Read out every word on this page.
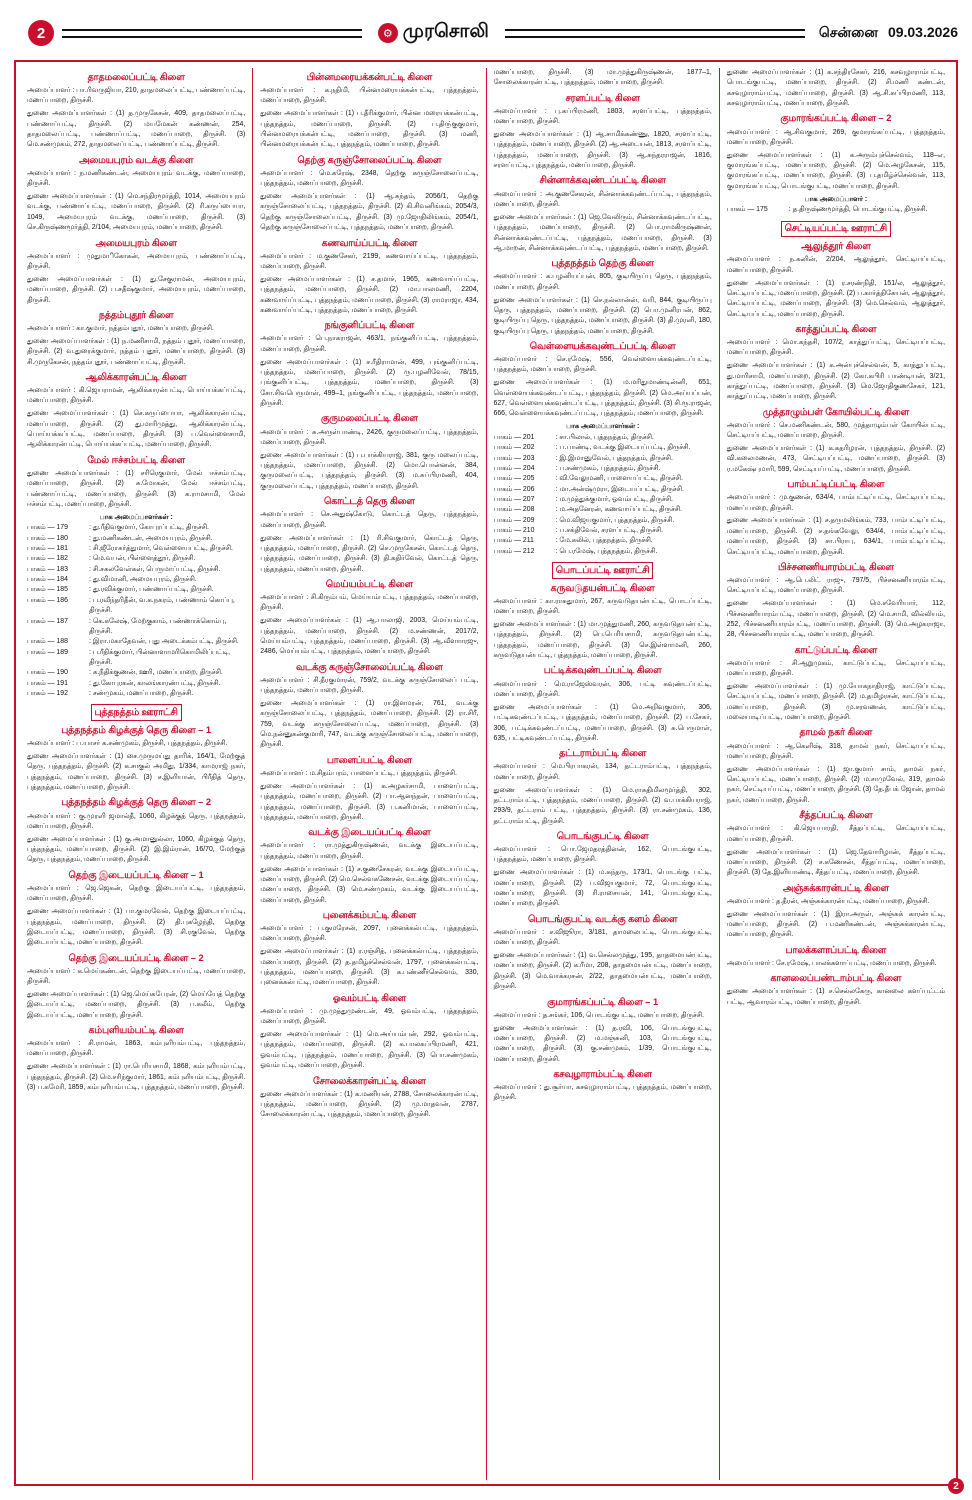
2	⚙ முரசொலி	சென்னை 09.03.2026
தாதமலைப்பட்டி கிளை
அமைப்பாளர் : பா.ரிவருஜியா, 210, தாதமலைப்பட்டி, பண்ணாப்பட்டி, மணப்பாறை, திருச்சி.
துணை அமைப்பாளர்கள் : (1) த.முருகேசன், 409, தாதமலைப்பட்டி, பண்ணாப்பட்டி, திருச்சி. (2) மயமேகன் கண்ணன், 254, தாதமலைப்பட்டி, பண்ணாப்பட்டி, மணப்பாறை, திருச்சி. (3) மெ.சண்முகம், 272, தாதமலைப்பட்டி, பண்ணாப்பட்டி, திருச்சி.
அமையபுரம் வடக்கு கிளை
அமைப்பாளர் : ந.மணிகண்டன், அமையபுரம் வடக்கு, மணப்பாறை, திருச்சி.
துணை அமைப்பாளர்கள் : (1) மெ.சந்திரமூர்த்தி, 1014, அமையபுரம் வடக்கு, பண்ணாப்பட்டி, மணப்பாறை, திருச்சி. (2) ரி.கருப்பையா, 1049, அமையபுரம் வடக்கு, மணப்பாறை, திருச்சி. (3) செ.கிருஷ்ணமூர்த்தி, 2/104, அமையபுரம், மணப்பாறை, திருச்சி.
அமையபுரம் கிளை
அமைப்பாளர் : முதுமாிகோகன், அமையபுரம், பண்ணாப்பட்டி, திருச்சி.
துணை அமைப்பாளர்கள் : (1) து.சேகுராமன், அமையபுரம், மணப்பாறை, திருச்சி. (2) ப.சதீஷ்குமார், அமையபுரம், மணப்பாறை, திருச்சி.
நத்தம்புதூர் கிளை
அமைப்பாளர் : கா.குமார், நத்தம்புதூர், மணப்பாறை, திருச்சி.
துணை அமைப்பாளர்கள் : (1) ந.மணிசாமி, நத்தம் புதூர், மணப்பாறை, திருச்சி. (2) வ.துரைக்குமார், நத்தம் புதூர், மணப்பாறை, திருச்சி. (3) சி.முருகேசன், நத்தம்புதூர், பண்ணாப்பட்டி, திருச்சி.
ஆலிக்காரன்பட்டி கிளை
அமைப்பாளர் : கி.ஜெயராமன், ஆலிக்காரன்பட்டி, பொய்யக்கப்பட்டி, மணப்பாறை, திருச்சி.
துணை அமைப்பாளர்கள் : (1) செ.கருப்பையா, ஆலிக்காரன்பட்டி, மணப்பாறை, திருச்சி. (2) து.மாரிமுத்து, ஆலிக்காரன்பட்டி, பொய்யக்கப்பட்டி, மணப்பாறை, திருச்சி. (3) ப.வெள்ளைசாமி, ஆலிக்காரன்பட்டி, பொய்யக்கப்பட்டி, மணப்பாறை, திருச்சி.
மேல் ஈச்சம்பட்டி கிளை
துணை அமைப்பாளர்கள் : (1) சரிரெகுமார், மேல் ஈச்சம்பட்டி, மணப்பாறை, திருச்சி. (2) சு.மோகன், மேல் ஈச்சம்பட்டி, பண்ணாப்பட்டி, மணப்பாறை, திருச்சி. (3) க.ராமசாமி, மேல் ஈச்சம்பட்டி, மணப்பாறை, திருச்சி.
பாக அமைப்பாளர்கள் :
பாகம் — 179	: து.ரீதிவகுமார், கோபுரப்பட்டி, திருச்சி.
பாகம் — 180	: து.மணிகண்டன், அமையபுரம், திருச்சி.
பாகம் — 181	: சி.ஜீரோகர்த்துமார், வெள்ளையபட்டி, திருச்சி.
பாகம் — 182	: மெ.வபன், பிள்ளைத்தூர், திருச்சி.
பாகம் — 183	: சி.சகலவேள்கள், பெருமாப்பட்டி, திருச்சி.
பாகம் — 184	: து.விமானி, அமையபுரம், திருச்சி.
பாகம் — 185	: து.ரவிக்குமார், பண்ணாப்பட்டி, திருச்சி.
பாகம் — 186	: ப.ரவீந்தரிதீன், வ.க.நகரம், பண்ணாம் கொப்பு, திருச்சி.
பாகம் — 187	: கெ.கலேஷ், மேற்குகாம், பண்ணாக்கொம்பு, திருச்சி.
பாகம் — 188	: இரா.மகாதேவன், புது அடைக்கம்பட்டி, திருச்சி.
பாகம் — 189	: ப.ரீதிக்குமார், பின்னாளாமரிகொமிலிப்பட்டி, திருச்சி.
பாகம் — 190	: க.நீதிக்குணன், ஊரி, மணப்பாறை, திருச்சி.
பாகம் — 191	: து.கோபுரகன், காலங்காரண்பட்டி, திருச்சி.
பாகம் — 192	: சண்முகம், மணப்பாறை, திருச்சி.
புத்தநத்தம் ஊராட்சி
புத்தநத்தம் கிழக்குத் தெரு கிளை – 1
அமைப்பாளர் : ப.யாசர் க.சண்முகம், திருச்சி, புத்தநத்தம், திருச்சி.
துணை அமைப்பாளர்கள் : (1) சை.முருமய்து தாரிக், 164/1, மேற்குத் தெரு, புத்தநத்தம், திருச்சி. (2) க.சாகுல் அமிது, 1/334, காமராஜ் நகர், புத்தநத்தம், மணப்பாறை, திருச்சி. (3) ச.இளியான், பிரீதித் தெரு, புத்தநத்தம், மணப்பாறை, திருச்சி.
புத்தநத்தம் கிழக்குத் தெரு கிளை – 2
அமைப்பாளர் : கு.முரளி ஜமால்தீ, 1060, கிழக்குத் தெரு, புத்தநத்தம், மணப்பாறை, திருச்சி.
துணை அமைப்பாளர்கள் : (1) கு.அமானுல்லா, 1060, கிழக்குத் தெரு, புத்தநத்தம், மணப்பாறை, திருச்சி. (2) இ.இம்ரான், 16/70, மேற்குத் தெரு, புத்தநத்தம், மணப்பாறை, திருச்சி.
தெற்கு இடையப்பட்டி கிளை – 1
அமைப்பாளர் : ஜெ.ஜெகன், தெற்கு இடையப்பட்டி, புத்தநத்தம், மணப்பாறை, திருச்சி.
துணை அமைப்பாளர்கள் : (1) பா.குமரவேல், தெற்கு இடையப்பட்டி, புத்தநத்தம், மணப்பாறை, திருச்சி. (2) தி.புகழேந்தி, தெற்கு இடையப்பட்டி, மணப்பாறை, திருச்சி. (3) சி.ரகுவேல், தெற்கு இடையப்பட்டி, மணப்பாறை, திருச்சி.
தெற்கு இடையப்பட்டி கிளை – 2
அமைப்பாளர் : க.மெய்கண்டன், தெற்கு இடையப்பட்டி, மணப்பாறை, திருச்சி.
துணை அமைப்பாளர்கள் : (1) ஜெ.மெய்கபேரன், (2) மெய்யேத் தெற்கு இடையப்பட்டி, மணப்பாறை, திருச்சி. (3) ப.கலீம், தெற்கு இடையப்பட்டி, மணப்பாறை, திருச்சி.
கம்புளியம்பட்டி கிளை
அமைப்பாளர் : சி.ராமன், 1863, கம்புளியம்பட்டி, புத்தநத்தம், மணப்பாறை, திருச்சி.
துணை அமைப்பாளர்கள் : (1) ரா.பெரியசாமி, 1868, கம்புளியம்பட்டி, புத்தநத்தம், திருச்சி. (2) மெ.சரிந்குமார், 1861, கம்புளியம்பட்டி, திருச்சி. (3) ப.கமேரி, 1859, கம்புளியம்பட்டி, புத்தநத்தம், மணப்பாறை, திருச்சி.
பின்னமரையக்கன்பட்டி கிளை
அமைப்பாளர் : க.நதிமி, பின்னமரையக்கன்பட்டி, புத்தநத்தம், மணப்பாறை, திருச்சி.
துணை அமைப்பாளர்கள் : (1) ப.தீரிக்குமார், பின்ன மரையக்கன்பட்டி, புத்தநத்தம், மணப்பாறை, திருச்சி. (2) ப.திரு்குகுமார், பின்னமரையக்கன்பட்டி, மணப்பாறை, திருச்சி. (3) மணி, பின்னமரையக்கன்பட்டி, புத்தநத்தம், மணப்பாறை, திருச்சி.
தெற்கு கருஞ்சோலைப்பட்டி கிளை
அமைப்பாளர் : மெ.கரேஷ், 2348, தெற்கு கருஞ்சோலைப்பட்டி, புத்தநத்தம், மணப்பாறை, திருச்சி.
துணை அமைப்பாளர்கள் : (1) ஆ.சுந்தம், 2056/1, தெற்கு கருஞ்சோலைப்பட்டி, புத்தநத்தம், திருச்சி. (2) கி.சிவனிங்கம், 2054/3, தெற்கு கருஞ்சோலைப்பட்டி, திருச்சி. (3) மு.ஜோதிலிங்கம், 2054/1, தெற்கு கருஞ்சோலைப்பட்டி, புத்தநத்தம், மணப்பாறை, திருச்சி.
கணவாய்ப்பட்டி கிளை
அமைப்பாளர் : ம.குணசேகர், 2199, கணவாய்ப்பட்டி, புத்தநத்தம், மணப்பாறை, திருச்சி.
துணை அமைப்பாளர்கள் : (1) ச.தமாச், 1965, கணவாய்ப்பட்டி, புத்தநத்தம், மணப்பாறை, திருச்சி. (2) மா.பாலமணி, 2204, கணவாய்ப்பட்டி, புத்தநத்தம், மணப்பாறை, திருச்சி. (3) ராமராஜா, 434, கணவாய்ப்பட்டி, புத்தநத்தம், மணப்பாறை, திருச்சி.
நங்குனிப்பட்டி கிளை
அமைப்பாளர் : பெ.நாகராஜன், 463/1, நங்குனிப்பட்டி, புத்தநத்தம், மணப்பாறை, திருச்சி.
துணை அமைப்பாளர்கள் : (1) ச.ரீதிராமான், 499, புங்குனிப்பட்டி, புத்தநத்தம், மணப்பாறை, திருச்சி. (2) ரு.பழனிவேல், 78/15, புங்குனிப்பட்டி, புத்தநத்தம், மணப்பாறை, திருச்சி. (3) சோ.சிவபெருமாள், 499–1, நங்குனிப்பட்டி, புத்தநத்தம், மணப்பாறை, திருச்சி.
குருமலைப்பட்டி கிளை
அமைப்பாளர் : சு.அருள்பாண்டி, 2426, குருமலைப்பட்டி, புத்தநத்தம், மணப்பாறை, திருச்சி.
துணை அமைப்பாளர்கள் : (1) ப.பாக்கியராஜ், 381, குரு மலைப்பட்டி, புத்தநத்தம், மணப்பாறை, திருச்சி. (2) மொ.பொன்னன், 384, குருமலைப்பட்டி, புத்தநத்தம், திருச்சி. (3) ம.சுப்பிரமணி, 404, குருமலைப்பட்டி, புத்தநத்தம், மணப்பாறை, திருச்சி.
கொட்டத் தெரு கிளை
அமைப்பாளர் : செ.அதுஷ்கோடு, கொட்டத் தெரு, புத்தநத்தம், மணப்பாறை, திருச்சி.
துணை அமைப்பாளர்கள் : (1) ரி.சிவகுமார், கொட்டத் தெரு, புத்தநத்தம், மணப்பாறை, திருச்சி. (2) செ.முருகேசன், கொட்டத் தெரு, புத்தநத்தம், மணப்பாறை, திருச்சி. (3) தி.கதிர்வேல், கொட்டத் தெரு, புத்தநத்தம், மணப்பாறை, திருச்சி.
மெய்யம்பட்டி கிளை
அமைப்பாளர் : சி.கிரும்பம், மெய்யம்பட்டி, புத்தநத்தம், மணப்பாறை, திருச்சி.
துணை அமைப்பாளர்கள் : (1) ஆ.பாலாஜி, 2003, மெய்யம்பட்டி, புத்தநத்தம், மணப்பாறை, திருச்சி. (2) ம.சண்ணன், 2017/2, மெய்யம்பட்டி, புத்தநத்தம், மணப்பாறை, திருச்சி. (3) ஆ.வீளாாரஜு, 2486, மெய்யம்பட்டி, புத்தநத்தம், மணப்பாறை, திருச்சி.
வடக்கு கருஞ்சோலைப்பட்டி கிளை
அமைப்பாளர் : சி.தீரகுமாரன், 759/2, வடக்கு கருஞ்சோலைப் பட்டி, புத்தநத்தம், மணப்பாறை, திருச்சி.
துணை அமைப்பாளர்கள் : (1) ரா.இளமரன், 761, வடக்கு கருஞ்சோலைப்பட்டி, புத்தநத்தம், மணப்பாறை, திருச்சி. (2) ரா.சிரீ, 759, வடக்கு கருஞ்சோலைப்பட்டி, மணப்பாறை, திருச்சி. (3) மெ.நன்னுகன்குமாரி, 747, வடக்கு கருஞ்சோலைப்பட்டி, மணப்பாறை, திருச்சி.
பாளைப்பட்டி கிளை
அமைப்பாளர் : ம.சிதம்பரம், பாளைப்பட்டி, புத்தநத்தம், திருச்சி.
துணை அமைப்பாளர்கள் : (1) க.அழகர்சாமி, பாளைப்பட்டி, புத்தநத்தம், மணப்பாறை, திருச்சி. (2) பா.ஆனந்தன், பாளைப்பட்டி, புத்தநத்தம், மணப்பாறை, திருச்சி. (3) ப.கனிமான், பாளைப்பட்டி, புத்தநத்தம், மணப்பாறை, திருச்சி.
வடக்கு இடையப்பட்டி கிளை
அமைப்பாளர் : ரா.முத்துகிருஷ்ணன், வடக்கு இடையப்பட்டி, புத்தநத்தம், மணப்பாறை, திருச்சி.
துணை அமைப்பாளர்கள் : (1) ச.குணசேகரன், வடக்கு இடையப்பட்டி, மணப்பாறை, திருச்சி. (2) மெ.செல்வகணேசன், வடக்கு இடையப்பட்டி, மணப்பாறை, திருச்சி. (3) மெ.சண்முகம், வடக்கு இடையப்பட்டி, மணப்பாறை, திருச்சி.
புனைக்கம்பட்டி கிளை
அமைப்பாளர் : ப.குமரேசன், 2097, புனைக்கல்பட்டி, புத்தநத்தம், மணப்பாறை, திருச்சி.
துணை அமைப்பாளர்கள் : (1) ர.ரஞ்சித், புனைக்கல்பட்டி, புத்தநத்தம், மணப்பாறை, திருச்சி. (2) த.தமிழ்ச்செல்வன், 1797, புனைக்கல்பட்டி, புத்தநத்தம், மணப்பாறை, திருச்சி. (3) க.பண்ணீர்செல்வம், 330, புனைக்கல்பட்டி, மணப்பாறை, திருச்சி.
ஓவம்பட்டி கிளை
அமைப்பாளர் : மு.முத்துமுண்டன், 49, ஓவம்பட்டி, புத்தநத்தம், மணப்பாறை, திருச்சி.
துணை அமைப்பாளர்கள் : (1) மெ.அய்யம்பன், 292, ஓவம்பட்டி, புத்தநத்தம், மணப்பாறை, திருச்சி. (2) க.பாலசுப்பிரமணி, 421, ஓவம்பட்டி, புத்தநத்தம், மணப்பாறை, திருச்சி. (3) பொ.சண்முகம், ஓவம்பட்டி, மணப்பாறை, திருச்சி.
சோலைக்காரன்பட்டி கிளை
துணை அமைப்பாளர்கள் : (1) க.மணியன், 2788, சோலைக்காரன்பட்டி, புத்தநத்தம், மணப்பாறை, திருச்சி. (2) மு.மாதவன், 2787, சோலைக்காரன்பட்டி, புத்தநத்தம், மணப்பாறை, திருச்சி.
மணப்பாறை, திருச்சி. (3) மா.முத்துகிருஷ்ணன், 1877–1, சோலைக்காரன்பட்டி, புத்தநத்தம், மணப்பாறை, திருச்சி.
சரளப்பட்டி கிளை
அமைப்பாளர் : பு.கப்பிரமணி, 1803, சரளப்பட்டி, புத்தநத்தம், மணப்பாறை, திருச்சி.
துணை அமைப்பாளர்கள் : (1) ஆ.சாமிக்கண்ணு, 1820, சரளப்பட்டி, புத்தநத்தம், மணப்பாறை, திருச்சி. (2) ஆ.அடையன், 1813, சரளப்பட்டி, புத்தநத்தம், மணப்பாறை, திருச்சி. (3) ஆ.சுந்தரராஜன், 1816, சரளப்பட்டி, புத்தநத்தம், மணப்பாறை, திருச்சி.
சின்னாக்கவுண்டப்பட்டி கிளை
அமைப்பாளர் : அ.குணசேகரன், சின்னாக்கவுண்டப்பட்டி, புத்தநத்தம், மணப்பாறை, திருச்சி.
துணை அமைப்பாளர்கள் : (1) ஜெ.வேலிரும், சின்னாக்கவுண்டப்பட்டி, புத்தநத்தம், மணப்பாறை, திருச்சி. (2) பொ.ராமகிருஷ்ணன், சின்னாக்கவுண்டப்பட்டி, புத்தநத்தம், மணப்பாறை, திருச்சி. (3) ஆ.மாறன், சின்னாக்கவுண்டப்பட்டி, புத்தநத்தம், மணப்பாறை, திருச்சி.
புத்தநத்தம் தெற்கு கிளை
அமைப்பாளர் : க.பழனியப்பன், 805, குடியிருப்பு தெரு, புத்தநத்தம், மணப்பாறை, திருச்சி.
துணை அமைப்பாளர்கள் : (1) செ.நல்லான்ன், வரி, 844, குடியிருப்பு தெரு, புத்தநத்தம், மணப்பாறை, திருச்சி. (2) பொ.முனிரபன், 862, குடியிருப்பு தெரு, புத்தநத்தம், மணப்பாறை, திருச்சி. (3) தி.முரளி, 180, குடியிருப்பு தெரு, புத்தநத்தம், மணப்பாறை, திருச்சி.
வெள்ளையக்கவுண்டப்பட்டி கிளை
அமைப்பாளர் : செ.ரமேஷ், 556, வெள்ளையக்கவுண்டப்பட்டி, புத்தநத்தம், மணப்பாறை, திருச்சி.
துணை அமைப்பாளர்கள் : (1) ம.மரிதுமாண்டின்னி, 651, வெள்ளையக்கவுண்டப்பட்டி, புத்தநத்தம், திருச்சி. (2) மெ.அய்யப்பன், 627, வெள்ளையக்கவுண்டப்பட்டி, புத்தநத்தம், திருச்சி. (3) சி.ரூ.ராஜன், 666, வெள்ளையக்கவுண்டப்பட்டி, புத்தநத்தம், மணப்பாறை, திருச்சி.
பாக அமைப்பாளர்கள் :
பாகம் — 201	: சா.பிலால், புத்தநத்தம், திருச்சி.
பாகம் — 202	: ப.பாண்டி, வடக்கு இடையப்பட்டி, திருச்சி.
பாகம் — 203	: இ.இமானுவேல், புத்தநத்தம், திருச்சி.
பாகம் — 204	: ப.சண்முகம், புத்தநத்தம், திருச்சி.
பாகம் — 205	: வி.வேலுமணி, பாளையப்பட்டி, திருச்சி.
பாகம் — 206	: மா.அன்ஷ்முரா, இடையப்பட்டி, திருச்சி.
பாகம் — 207	: ம.முத்துக்குமார், ஓவம்பட்டி, திருச்சி.
பாகம் — 208	: ம.அதனேரன், கணவாய்ப்பட்டி, திருச்சி.
பாகம் — 209	: மெ.விஜயகுமார், புத்தநத்தம், திருச்சி.
பாகம் — 210	: ப.சக்திவேல், சரளப்பட்டி, திருச்சி.
பாகம் — 211	: மே.கலில், புத்தநத்தம், திருச்சி.
பாகம் — 212	: பெ.ரமேஷ், புத்தநத்தம், திருச்சி.
பொடப்பட்டி ஊராட்சி
கருவடுதயன்பட்டி கிளை
அமைப்பாளர் : கா.ராசுதுமார், 267, கருவடுதயன்பட்டி, பொடப்பட்டி, மணப்பாறை, திருச்சி.
துணை அமைப்பாளர்கள் : (1) மா.முத்துமணி, 260, கருவடுதயன்பட்டி, புத்தநத்தம், திருச்சி. (2) பெ.பெரியசாமி, கருவடுதயன்பட்டி, புத்தநத்தம், மணப்பாறை, திருச்சி. (3) செ.இள்ளாமனி, 260, கருவடுதயன்பட்டி, புத்தநத்தம், மணப்பாறை, திருச்சி.
பட்டிக்கவுண்டப்பட்டி கிளை
அமைப்பாளர் : மெ.ராஜேஸ்வரன், 306, பட்டி கவுண்டப்பட்டி, மணப்பாறை, திருச்சி.
துணை அமைப்பாளர்கள் : (1) மெ.அறிவுகுமார், 306, பட்டிகவுண்டப்பட்டி, புத்தநத்தம், மணப்பாறை, திருச்சி. (2) ப.சேகர், 306, பட்டிக்கவுண்டப்பட்டி, மணப்பாறை, திருச்சி. (3) சு.பெருமாள், 635, பட்டிகவுண்டப்பட்டி, திருச்சி.
தட்டராம்பட்டி கிளை
அமைப்பாளர் : மெ.பிரபாகரன், 134, தட்டராம்பட்டி, புத்தநத்தம், மணப்பாறை, திருச்சி.
துணை அமைப்பாளர்கள் : (1) மெ.ராசுதிமிலமூர்த்தி, 302, தட்டராம்பட்டி, புத்தநத்தம், மணப்பாறை, திருச்சி. (2) வ.பாக்கியராஜ், 293/9, தட்டராம் பட்டி, புத்தநத்தம், திருச்சி. (3) ரா.சண்முகம், 136, தட்டராம்பட்டி, திருச்சி.
பொடங்குபட்டி கிளை
அமைப்பாளர் : பொ.ஜேமதரத்தினன், 162, பொடங்குபட்டி, புத்தநத்தம், மணப்பாறை, திருச்சி.
துணை அமைப்பாளர்கள் : (1) ம.சுந்தரு, 173/1, பொடங்கு பட்டி, மணப்பாறை, திருச்சி. (2) ப.விஜயகுமார், 72, பொடங்குபட்டி, மணப்பாறை, திருச்சி. (3) ரி.ராசையன், 141, பொடங்குபட்டி, மணப்பாறை, திருச்சி.
பொடங்குபட்டி வடக்கு களம் கிளை
அமைப்பாளர் : ச.விஜூரா, 3/181, தாமலைபட்டி, பொடங்குபட்டி, மணப்பாறை, திருச்சி.
துணை அமைப்பாளர்கள் : (1) வ.செல்லமுத்து, 195, தாதமையன்பட்டி, மணப்பாறை, திருச்சி. (2) க.ரீமா, 208, தாதமையன்பட்டி, மணப்பாறை, திருச்சி. (3) மெ.வாக்கரசன், 2/22, தாதமையன்பட்டி, மணப்பாறை, திருச்சி.
குமாரங்கப்பட்டி கிளை – 1
அமைப்பாளர் : த.சங்கர், 106, பொடங்குபட்டி, மணப்பாறை, திருச்சி.
துணை அமைப்பாளர்கள் : (1) த.ரவி, 106, பொடங்குபட்டி, மணப்பாறை, திருச்சி. (2) ம.மஞ்சுனி, 103, பொடங்குபட்டி, மணப்பாறை, திருச்சி. (3) கு.சண்முகம், 1/39, பொடங்குபட்டி, மணப்பாறை, திருச்சி.
கசவுழாராம்பட்டி கிளை
அமைப்பாளர் : து.சூர்யா, கசவுழாராம்பட்டி, புத்தநத்தம், மணப்பாறை, திருச்சி.
துணை அமைப்பாளர்கள் : (1) க.சந்திரசேகர், 216, கசவுழாராம்பட்டி, பொடங்குபட்டி, மணப்பாறை, திருச்சி. (2) சி.மணி கண்டன், கசவுழாராம்பட்டி, மணப்பாறை, திருச்சி. (3) ஆ.சி.சுப்பிரமணி, 113, கசவுழாராம்பட்டி, மணப்பாறை, திருச்சி.
குமாரங்கப்பட்டி கிளை – 2
அமைப்பாளர் : ஆ.சிவகுமார், 269, குமாரங்கப்பட்டி, புத்தநத்தம், மணப்பாறை, திருச்சி.
துணை அமைப்பாளர்கள் : (1) க.அரும்புச்செல்வம், 118–எ, குமாரங்கப்பட்டி, மணப்பாறை, திருச்சி. (2) மெ.அழகேசன், 115, குமாரங்கப்பட்டி, மணப்பாறை, திருச்சி. (3) ப.தமிழ்ச்செல்வன், 113, குமாரங்கப்பட்டி, பொடங்குபட்டி, மணப்பாறை, திருச்சி.
பாக அமைப்பாளர் :
பாகம் — 175	: த.திருஷ்ணமூர்த்தி, பொடங்குபட்டி, திருச்சி.
செட்டியப்பட்டி ஊராட்சி
ஆலுத்தூர் கிளை
அமைப்பாளர் : ந.கனின், 2/204, ஆலுத்தூர், செட்டியப்பட்டி, மணப்பாறை, திருச்சி.
துணை அமைப்பாளர்கள் : (1) ர.சரண்நிதி, 151/ல, ஆலுத்தூர், செட்டியப்பட்டி, மணப்பாறை, திருச்சி. (2) ப.கார்த்திகேயன், ஆலுத்தூர், செட்டியப்பட்டி, மணப்பாறை, திருச்சி. (3) மெ.செல்வம், ஆலுத்தூர், செட்டியப்பட்டி, மணப்பாறை, திருச்சி.
காத்துப்பட்டி கிளை
அமைப்பாளர் : மொ.கந்தசி, 107/2, காத்துப்பட்டி, செட்டியப்பட்டி, மணப்பாறை, திருச்சி.
துணை அமைப்பாளர்கள் : (1) க.அன்புச்செல்வன், 5, காத்துப்பட்டி, து.மாரிசாமி, மணப்பாறை, திருச்சி. (2) கோ.கபிரி பாண்டியன், 3/21, காத்துப்பட்டி, மணப்பாறை, திருச்சி. (3) மெ.ஜோதிகுணசேகர், 121, காத்துப்பட்டி, மணப்பாறை, திருச்சி.
முத்தாழும்பள் கோயில்பட்டி கிளை
அமைப்பாளர் : செ.மணிகண்டன், 580, முத்தாழும்பள் கோயில்பட்டி, செட்டியப்பட்டி, மணப்பாறை, திருச்சி.
துணை அமைப்பாளர்கள் : (1) க.கதரிழரன், புத்தநத்தம், திருச்சி. (2) வி.கலைமணன், 473, செட்டியப்பட்டி, மணப்பாறை, திருச்சி. (3) ர.மகேஷ்புமாரி, 599, செட்டியப்பட்டி, மணப்பாறை, திருச்சி.
பாம்பட்டிப்பட்டி கிளை
அமைப்பாளர் : மு.குணன், 634/4, பாம்பட்டிப்பட்டி, செட்டியப்பட்டி, மணப்பாறை, திருச்சி.
துணை அமைப்பாளர்கள் : (1) ச.தருமலிங்கம், 733, பாம்பட்டிப்பட்டி, மணப்பாறை, திருச்சி. (2) ச.தங்கவேலு, 634/4, பாம்பட்டிப்பட்டி, மணப்பாறை, திருச்சி. (3) சா.பிராபு, 634/1, பாம்பட்டிப்பட்டி, செட்டியப்பட்டி, மணப்பாறை, திருச்சி.
பிச்சனணியாரம்பட்டி கிளை
அமைப்பாளர் : ஆ.பெ.லிட் ராஜு, 797/5, பிச்சனணியாரம்பட்டி, செட்டியப்பட்டி, மணப்பாறை, திருச்சி.
துணை அமைப்பாளர்கள் : (1) மெ.சவேரியார், 112, பிச்சனணியாரம்பட்டி, மணப்பாறை, திருச்சி. (2) மெ.சாமி, வில்லியம், 252, பிச்சனணியாரம்பட்டி, மணப்பாறை, திருச்சி. (3) மெ.அழகராஜா, 28, பிச்சனணியாரம்பட்டி, மணப்பாறை, திருச்சி.
காட்டுப்பட்டி கிளை
அமைப்பாளர் : சி.ஆறுமுகம், காட்டுப்பட்டி, செட்டியப்பட்டி, மணப்பாறை, திருச்சி.
துணை அமைப்பாளர்கள் : (1) மு.யோகநாதிராஜ், காட்டுப்பட்டி, செட்டியப்பட்டி, மணப்பாறை, திருச்சி. (2) ம.தமிழரசன், காட்டுப்பட்டி, மணப்பாறை, திருச்சி. (3) மு.சரவணன், காட்டுப்பட்டி, மலையாடிப்பட்டி, மணப்பாறை, திருச்சி.
தாமல் நகர் கிளை
அமைப்பாளர் : ஆ.கெளிஷ், 318, தாமல் நகர், செட்டியப்பட்டி, மணப்பாறை, திருச்சி.
துணை அமைப்பாளர்கள் : (1) ஜா.குமார் சாம், தாமல் நகர், செட்டியப்பட்டி, மணப்பாறை, திருச்சி. (2) ம.சாமுவேல், 319, தாமல் நகர், செட்டியப்பட்டி, மணப்பாறை, திருச்சி. (3) தே.தீபக் ஜோன், தாமல் நகர், மணப்பாறை, திருச்சி.
சீத்தப்பட்டி கிளை
அமைப்பாளர் : கி.ஜெயபாரதி, சீத்தப்பட்டி, செட்டியப்பட்டி, மணப்பாறை, திருச்சி.
துணை அமைப்பாளர்கள் : (1) ஜெ.தேவாரிழான், சீத்தப்பட்டி, மணப்பாறை, திருச்சி. (2) ச.கணேசன், சீத்தப்பட்டி, மணப்பாறை, திருச்சி. (3) தே.இளியாண்டி, சீத்தப்பட்டி, மணப்பாறை, திருச்சி.
அஞ்சுக்காரன்பட்டி கிளை
அமைப்பாளர் : த.தீரன், அஞ்சுக்காரன்பட்டி, மணப்பாறை, திருச்சி.
துணை அமைப்பாளர்கள் : (1) இரா.அருள், அஞ்சுக் காரன்பட்டி, மணப்பாறை, திருச்சி. (2) ப.மணிகண்டன், அஞ்சுக்காரன்பட்டி, மணப்பாறை, திருச்சி.
பாலக்களாப்பட்டி கிளை
அமைப்பாளர் : சே.ரமேஷ், பாலக்களாப்பட்டி, மணப்பாறை, திருச்சி.
கானலைப்பண்டாம்பட்டி கிளை
துணை அமைப்பாளர்கள் : (1) ச.செல்லகேரு, கானலை களப்பட்டம் பட்டி, ஆவாரம்பட்டி, மணப்பாறை, திருச்சி.
2
